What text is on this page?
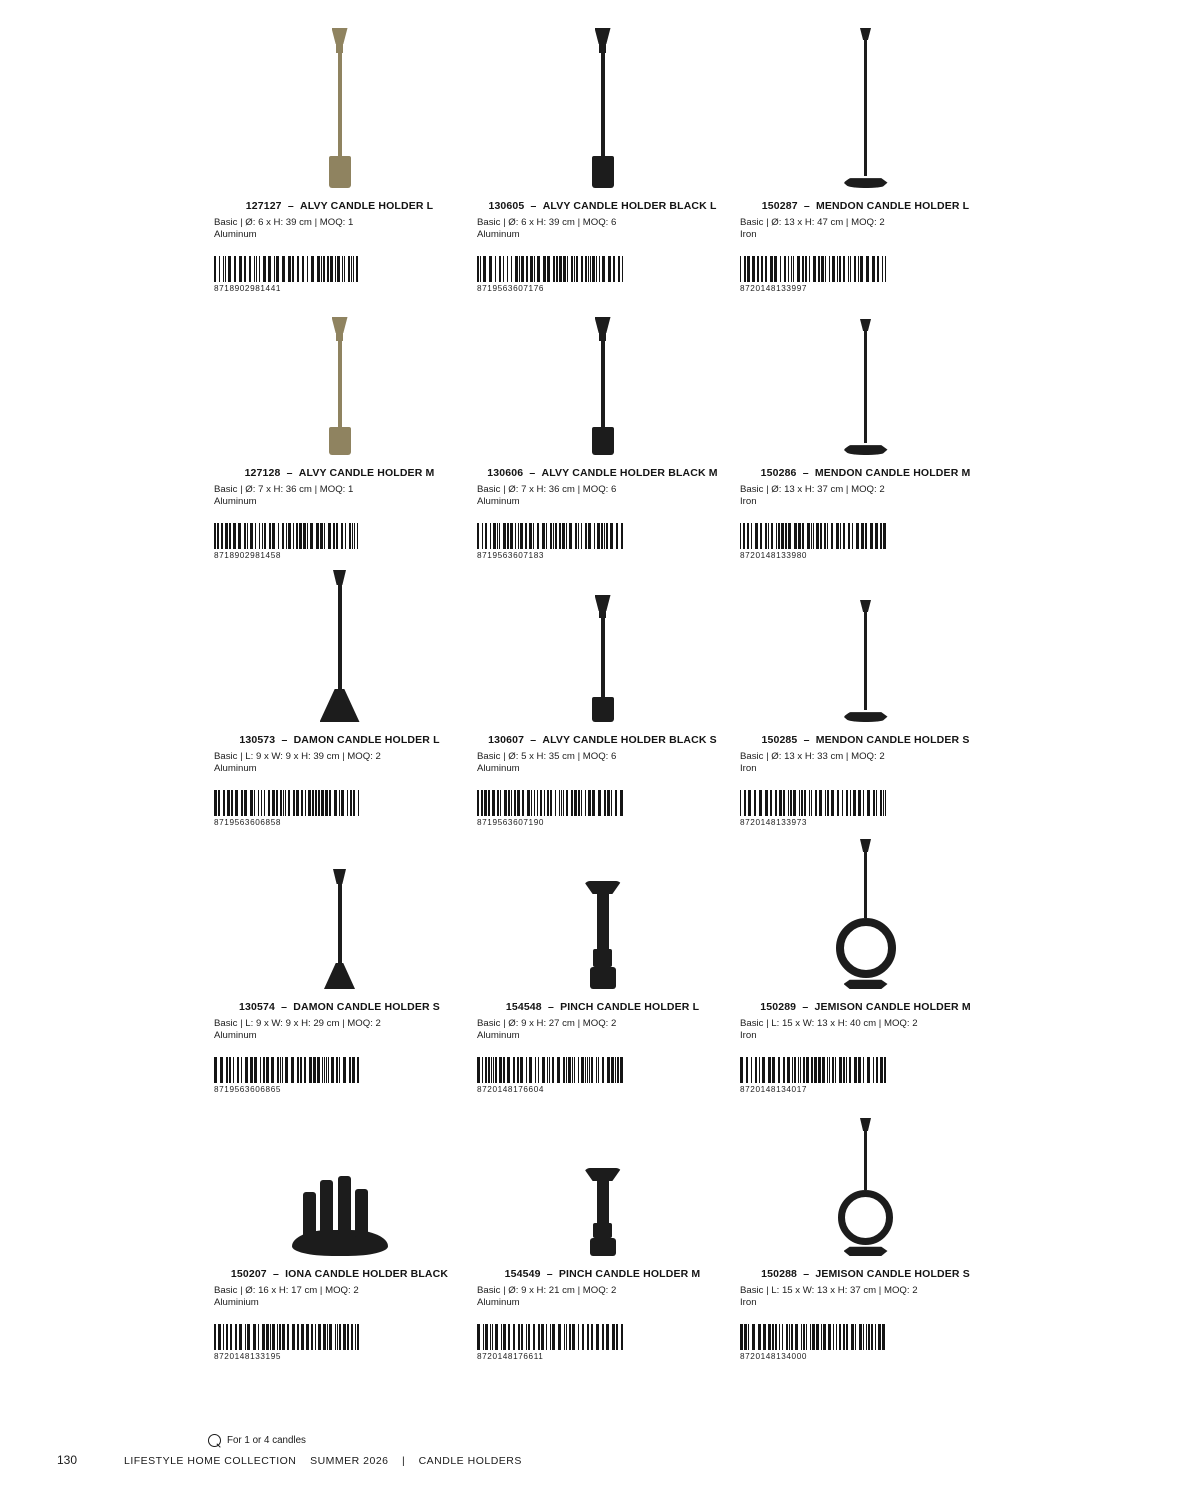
127127 – ALVY CANDLE HOLDER L
Basic | Ø: 6 x H: 39 cm | MOQ: 1
Aluminum
8718902981441
130605 – ALVY CANDLE HOLDER BLACK L
Basic | Ø: 6 x H: 39 cm | MOQ: 6
Aluminum
8719563607176
150287 – MENDON CANDLE HOLDER L
Basic | Ø: 13 x H: 47 cm | MOQ: 2
Iron
8720148133997
127128 – ALVY CANDLE HOLDER M
Basic | Ø: 7 x H: 36 cm | MOQ: 1
Aluminum
8718902981458
130606 – ALVY CANDLE HOLDER BLACK M
Basic | Ø: 7 x H: 36 cm | MOQ: 6
Aluminum
8719563607183
150286 – MENDON CANDLE HOLDER M
Basic | Ø: 13 x H: 37 cm | MOQ: 2
Iron
8720148133980
130573 – DAMON CANDLE HOLDER L
Basic | L: 9 x W: 9 x H: 39 cm | MOQ: 2
Aluminum
8719563606858
130607 – ALVY CANDLE HOLDER BLACK S
Basic | Ø: 5 x H: 35 cm | MOQ: 6
Aluminum
8719563607190
150285 – MENDON CANDLE HOLDER S
Basic | Ø: 13 x H: 33 cm | MOQ: 2
Iron
8720148133973
130574 – DAMON CANDLE HOLDER S
Basic | L: 9 x W: 9 x H: 29 cm | MOQ: 2
Aluminum
8719563606865
154548 – PINCH CANDLE HOLDER L
Basic | Ø: 9 x H: 27 cm | MOQ: 2
Aluminum
8720148176604
150289 – JEMISON CANDLE HOLDER M
Basic | L: 15 x W: 13 x H: 40 cm | MOQ: 2
Iron
8720148134017
150207 – IONA CANDLE HOLDER BLACK
Basic | Ø: 16 x H: 17 cm | MOQ: 2
Aluminium
8720148133195
154549 – PINCH CANDLE HOLDER M
Basic | Ø: 9 x H: 21 cm | MOQ: 2
Aluminum
8720148176611
150288 – JEMISON CANDLE HOLDER S
Basic | L: 15 x W: 13 x H: 37 cm | MOQ: 2
Iron
8720148134000
For 1 or 4 candles
130	LIFESTYLE HOME COLLECTION SUMMER 2026 | CANDLE HOLDERS
